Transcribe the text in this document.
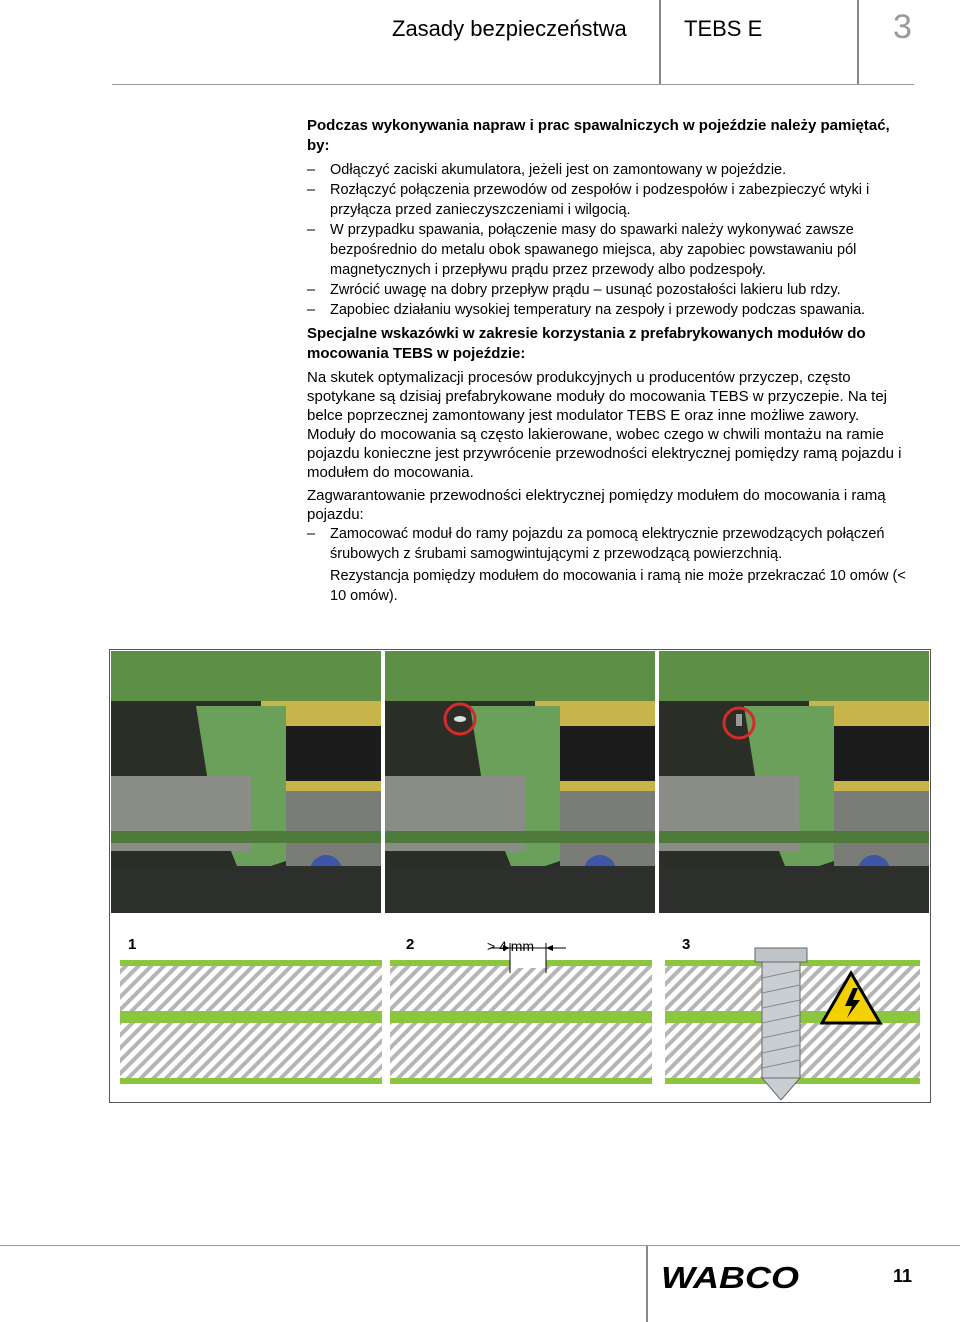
Zasady bezpieczeństwa	TEBS E	3
Podczas wykonywania napraw i prac spawalniczych w pojeździe należy pamiętać, by:
– Odłączyć zaciski akumulatora, jeżeli jest on zamontowany w pojeździe.
– Rozłączyć połączenia przewodów od zespołów i podzespołów i zabezpieczyć wtyki i przyłącza przed zanieczyszczeniami i wilgocią.
– W przypadku spawania, połączenie masy do spawarki należy wykonywać zawsze bezpośrednio do metalu obok spawanego miejsca, aby zapobiec powstawaniu pól magnetycznych i przepływu prądu przez przewody albo podzespoły.
– Zwrócić uwagę na dobry przepływ prądu – usunąć pozostałości lakieru lub rdzy.
– Zapobiec działaniu wysokiej temperatury na zespoły i przewody podczas spawania.
Specjalne wskazówki w zakresie korzystania z prefabrykowanych modułów do mocowania TEBS w pojeździe:

Na skutek optymalizacji procesów produkcyjnych u producentów przyczep, często spotykane są dzisiaj prefabrykowane moduły do mocowania TEBS w przyczepie. Na tej belce poprzecznej zamontowany jest modulator TEBS E oraz inne możliwe zawory. Moduły do mocowania są często lakierowane, wobec czego w chwili montażu na ramie pojazdu konieczne jest przywrócenie przewodności elektrycznej pomiędzy ramą pojazdu i modułem do mocowania.

Zagwarantowanie przewodności elektrycznej pomiędzy modułem do mocowania i ramą pojazdu:

– Zamocować moduł do ramy pojazdu za pomocą elektrycznie przewodzących połączeń śrubowych z śrubami samogwintującymi z przewodzącą powierzchnią.
Rezystancja pomiędzy modułem do mocowania i ramą nie może przekraczać 10 omów (< 10 omów).
1	2	> 4 mm	3
WABCO	11
